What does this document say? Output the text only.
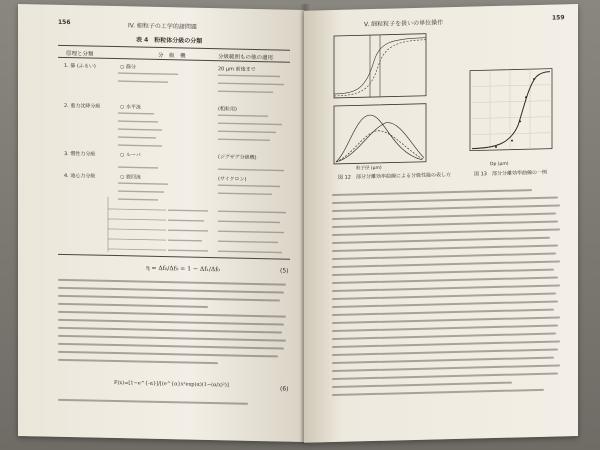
156	IV. 細粒子の工学的諸問題
表 4　粉粒体分級の分類
原理と分類	分　級　機	分級範囲もの他の適用
1. 篩 (ふるい)	○ 篩分	20 μm 前後まで
2. 重力沈降分級	○ 水平流	(粗粒用)
3. 慣性力分級	○ ルーバ	(ジグザグ分級機)
4. 遠心力分級	○ 旋回流	(サイクロン)
η = Δf₀/Δf₀ = 1 − Δf₁/Δf₀	(5)
F(x)=[1−e^{-α}]/[(e^{α}x²exp(α)(1−(α/x)²)]
(6)
V. 細粒粒子を扱いの単位操作
159
粒子径 (μm)
Dp (μm)
図 12　部分分離効率曲線による分級性能の表し方	図 13　部分分離効率曲線の一例
